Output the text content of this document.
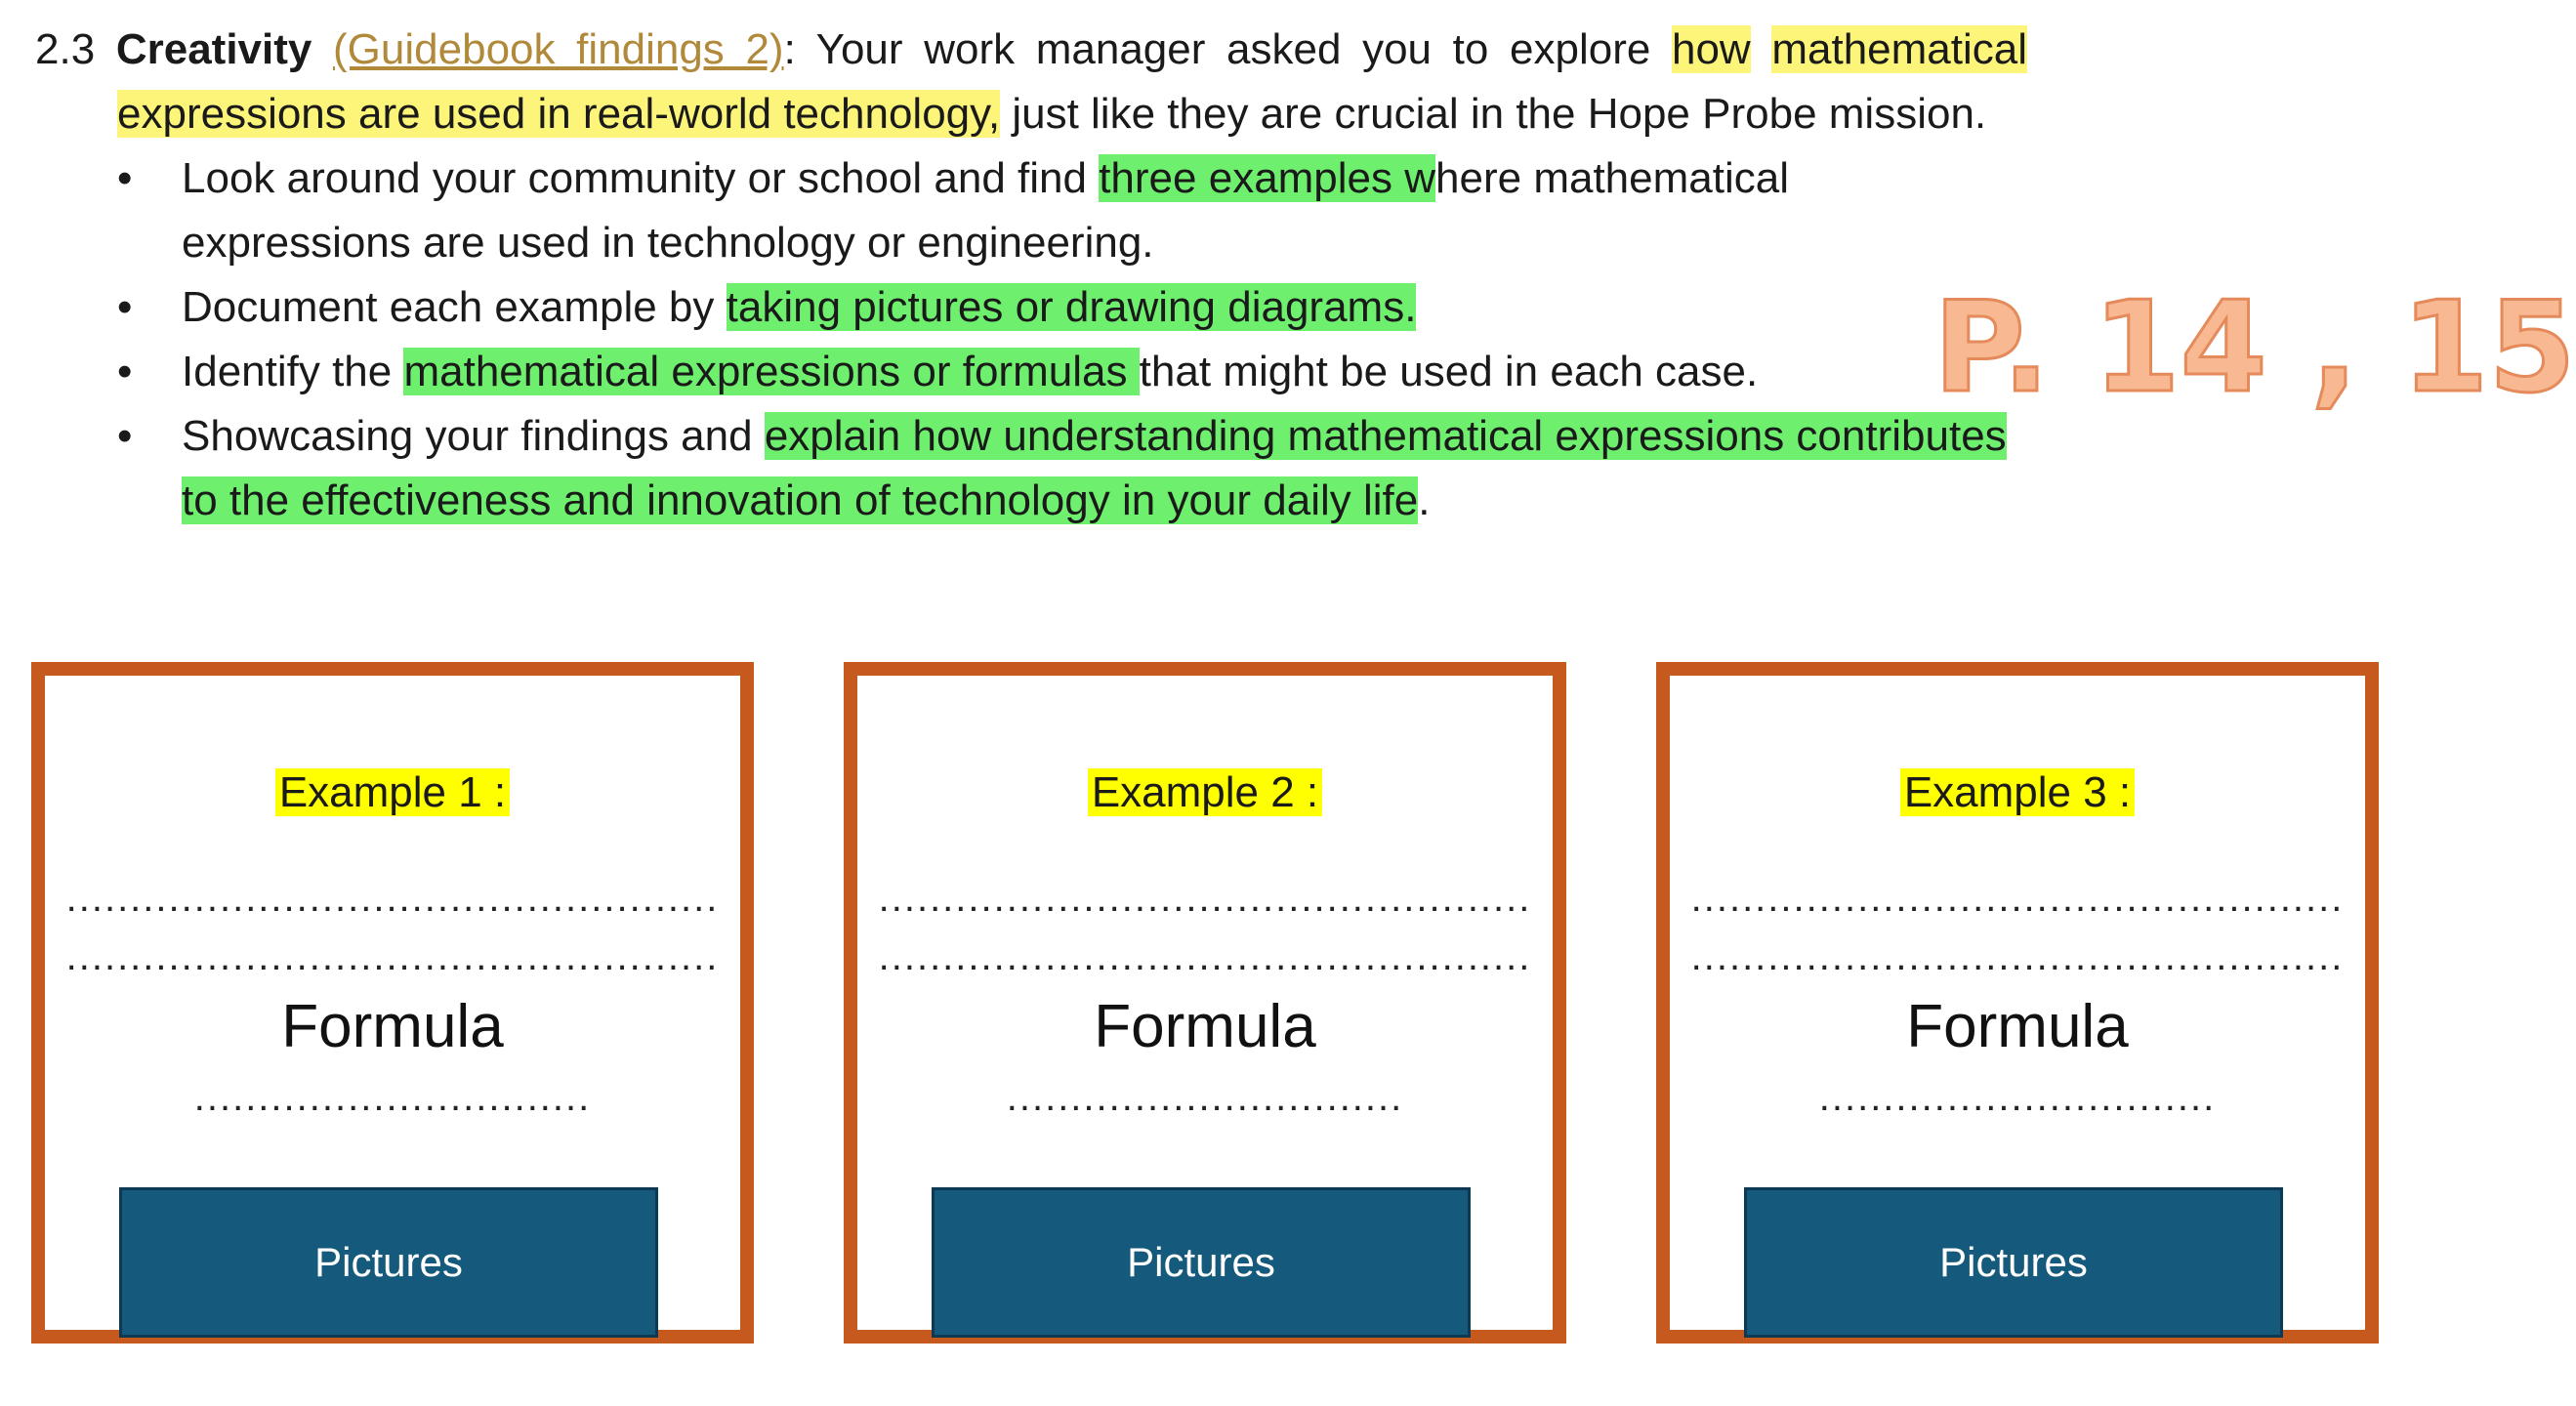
2.3 Creativity (Guidebook findings 2): Your work manager asked you to explore how mathematical expressions are used in real-world technology, just like they are crucial in the Hope Probe mission.

• Look around your community or school and find three examples where mathematical expressions are used in technology or engineering.
• Document each example by taking pictures or drawing diagrams.
• Identify the mathematical expressions or formulas that might be used in each case.
• Showcasing your findings and explain how understanding mathematical expressions contributes to the effectiveness and innovation of technology in your daily life.
P. 14 , 15
Example 1 :
...................................................
...................................................
Formula
...............................
Pictures
Example 2 :
...................................................
...................................................
Formula
...............................
Pictures
Example 3 :
...................................................
...................................................
Formula
...............................
Pictures
